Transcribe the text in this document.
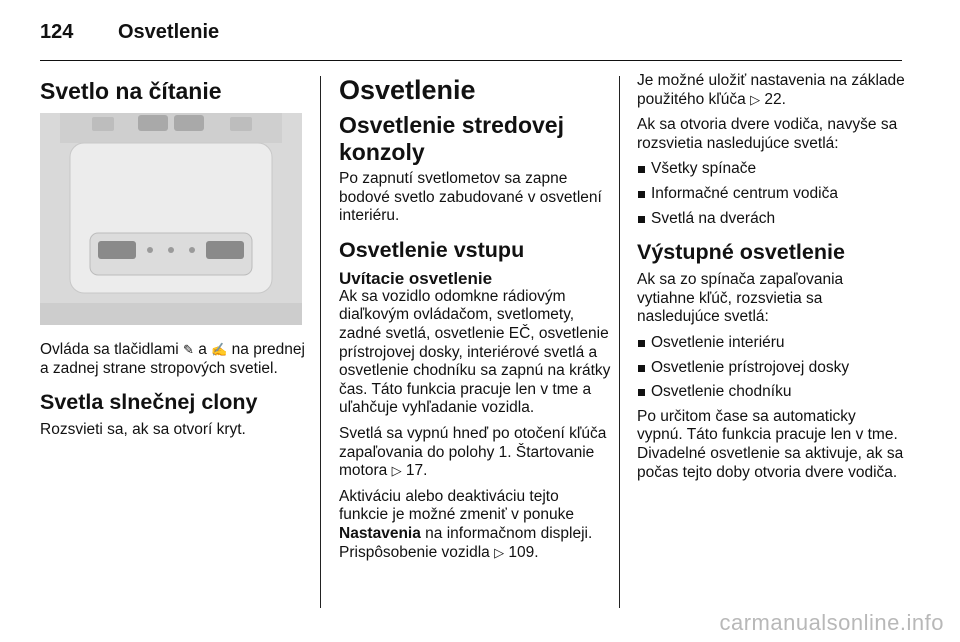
124	Osvetlenie
Svetlo na čítanie

Ovláda sa tlačidlami ✎ a ✍ na prednej a zadnej strane stropových svetiel.

Svetla slnečnej clony

Rozsvieti sa, ak sa otvorí kryt.

Osvetlenie
Osvetlenie stredovej konzoly

Po zapnutí svetlometov sa zapne bodové svetlo zabudované v osvetlení interiéru.

Osvetlenie vstupu
Uvítacie osvetlenie

Ak sa vozidlo odomkne rádiovým diaľkovým ovládačom, svetlomety, zadné svetlá, osvetlenie EČ, osvetlenie prístrojovej dosky, interiérové svetlá a osvetlenie chodníku sa zapnú na krátky čas. Táto funkcia pracuje len v tme a uľahčuje vyhľadanie vozidla.

Svetlá sa vypnú hneď po otočení kľúča zapaľovania do polohy 1. Štartovanie motora ▷ 17.

Aktiváciu alebo deaktiváciu tejto funkcie je možné zmeniť v ponuke Nastavenia na informačnom displeji. Prispôsobenie vozidla ▷ 109.

Je možné uložiť nastavenia na základe použitého kľúča ▷ 22.

Ak sa otvoria dvere vodiča, navyše sa rozsvietia nasledujúce svetlá:

Všetky spínače
Informačné centrum vodiča
Svetlá na dverách
Výstupné osvetlenie

Ak sa zo spínača zapaľovania vytiahne kľúč, rozsvietia sa nasledujúce svetlá:

Osvetlenie interiéru
Osvetlenie prístrojovej dosky
Osvetlenie chodníku

Po určitom čase sa automaticky vypnú. Táto funkcia pracuje len v tme. Divadelné osvetlenie sa aktivuje, ak sa počas tejto doby otvoria dvere vodiča.

carmanualsonline.info
